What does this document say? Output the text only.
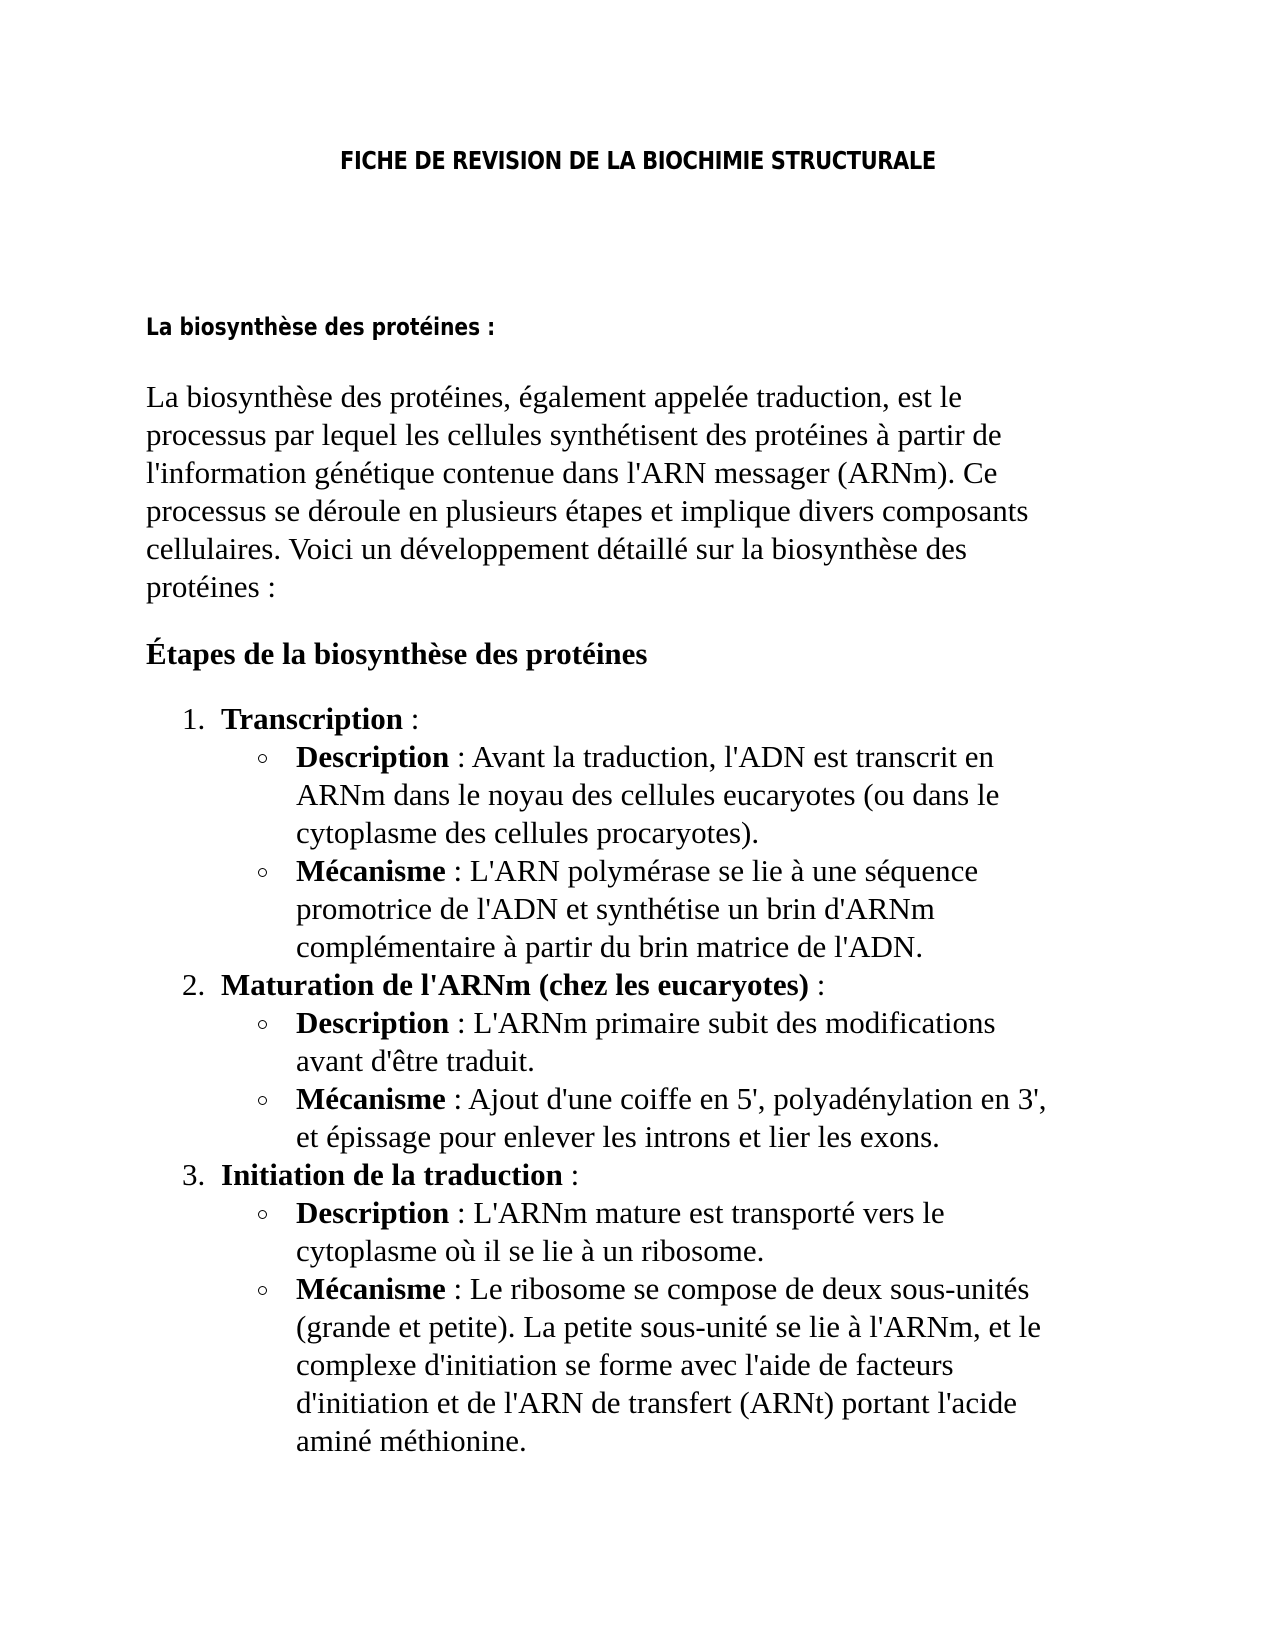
FICHE DE REVISION DE LA BIOCHIMIE STRUCTURALE
La biosynthèse des protéines :

La biosynthèse des protéines, également appelée traduction, est le
processus par lequel les cellules synthétisent des protéines à partir de
l'information génétique contenue dans l'ARN messager (ARNm). Ce
processus se déroule en plusieurs étapes et implique divers composants
cellulaires. Voici un développement détaillé sur la biosynthèse des
protéines :

Étapes de la biosynthèse des protéines
1. Transcription :
Description : Avant la traduction, l'ADN est transcrit en
ARNm dans le noyau des cellules eucaryotes (ou dans le
cytoplasme des cellules procaryotes).
Mécanisme : L'ARN polymérase se lie à une séquence
promotrice de l'ADN et synthétise un brin d'ARNm
complémentaire à partir du brin matrice de l'ADN.
2. Maturation de l'ARNm (chez les eucaryotes) :
Description : L'ARNm primaire subit des modifications
avant d'être traduit.
Mécanisme : Ajout d'une coiffe en 5', polyadénylation en 3',
et épissage pour enlever les introns et lier les exons.
3. Initiation de la traduction :
Description : L'ARNm mature est transporté vers le
cytoplasme où il se lie à un ribosome.
Mécanisme : Le ribosome se compose de deux sous-unités
(grande et petite). La petite sous-unité se lie à l'ARNm, et le
complexe d'initiation se forme avec l'aide de facteurs
d'initiation et de l'ARN de transfert (ARNt) portant l'acide
aminé méthionine.
